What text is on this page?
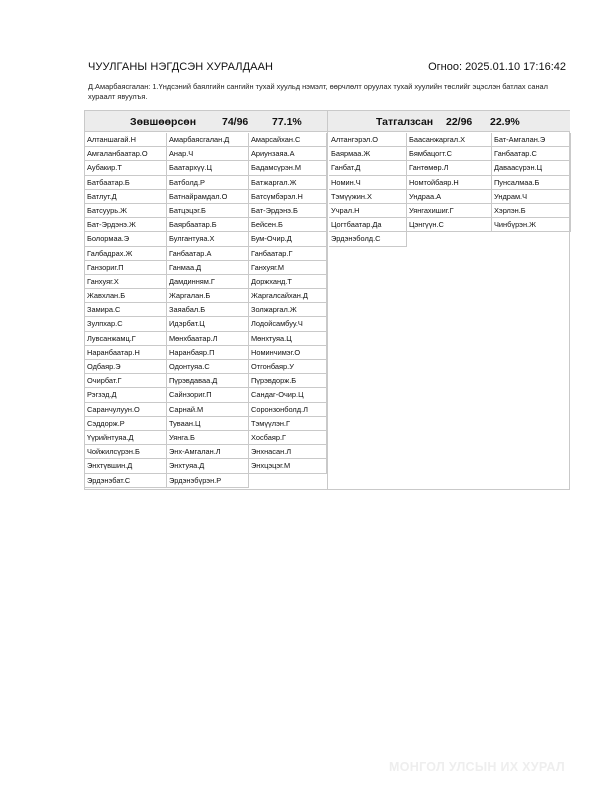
ЧУУЛГАНЫ НЭГДСЭН ХУРАЛДААН	Огноо: 2025.01.10 17:16:42
Д.Амарбаясгалан: 1.Үндсэний баялгийн сангийн тухай хуульд нэмэлт, өөрчлөлт оруулах тухай хуулийн төслийг эцэслэн батлах санал хураалт явуулъя.
Зөвшөөрсөн 74/96 77.1%	Татгалзсан 22/96 22.9%
Алтаншагай.Н
Амгаланбаатар.О
Аубакир.Т
Батбаатар.Б
Батлут.Д
Батсуурь.Ж
Бат-Эрдэнэ.Ж
Болормаа.Э
Галбадрах.Ж
Ганзориг.П
Ганхуяг.Х
Жавхлан.Б
Замира.С
Зулпхар.С
Лувсанжамц.Г
Наранбаатар.Н
Одбаяр.Э
Очирбат.Г
Рэгзэд.Д
Саранчулуун.О
Сэддорж.Р
Үүрийнтуяа.Д
Чойжилсүрэн.Б
Энхтүвшин.Д
Эрдэнэбат.С
Амарбаясгалан.Д
Анар.Ч
Баатархүү.Ц
Батболд.Р
Батнайрамдал.О
Батцэцэг.Б
Баярбаатар.Б
Булгантуяа.Х
Ганбаатар.А
Ганмаа.Д
Дамдинням.Г
Жаргалан.Б
Заяабал.Б
Идэрбат.Ц
Мөнхбаатар.Л
Наранбаяр.П
Одонтуяа.С
Пүрэвдаваа.Д
Сайнзориг.П
Сарнай.М
Туваан.Ц
Уянга.Б
Энх-Амгалан.Л
Энхтуяа.Д
Эрдэнэбүрэн.Р
Амарсайхан.С
Ариунзаяа.А
Бадамсүрэн.М
Батжаргал.Ж
Батсүмбэрэл.Н
Бат-Эрдэнэ.Б
Бейсен.Б
Бум-Очир.Д
Ганбаатар.Г
Ганхуяг.М
Доржханд.Т
Жаргалсайхан.Д
Золжаргал.Ж
Лодойсамбуу.Ч
Мөнхтуяа.Ц
Номинчимэг.О
Отгонбаяр.У
Пүрэвдорж.Б
Сандаг-Очир.Ц
Соронзонболд.Л
Тэмүүлэн.Г
Хосбаяр.Г
Энхнасан.Л
Энхцэцэг.М
Алтангэрэл.О
Баярмаа.Ж
Ганбат.Д
Номин.Ч
Тэмүүжин.Х
Учрал.Н
Цогтбаатар.Да
Эрдэнэболд.С
Баасанжаргал.Х
Бямбацогт.С
Гантөмөр.Л
Номтойбаяр.Н
Ундраа.А
Уянгахишиг.Г
Цэнгүүн.С
Бат-Амгалан.Э
Ганбаатар.С
Даваасүрэн.Ц
Пунсалмаа.Б
Ундрам.Ч
Хэрлэн.Б
Чинбүрэн.Ж
МОНГОЛ УЛСЫН ИХ ХУРАЛ
